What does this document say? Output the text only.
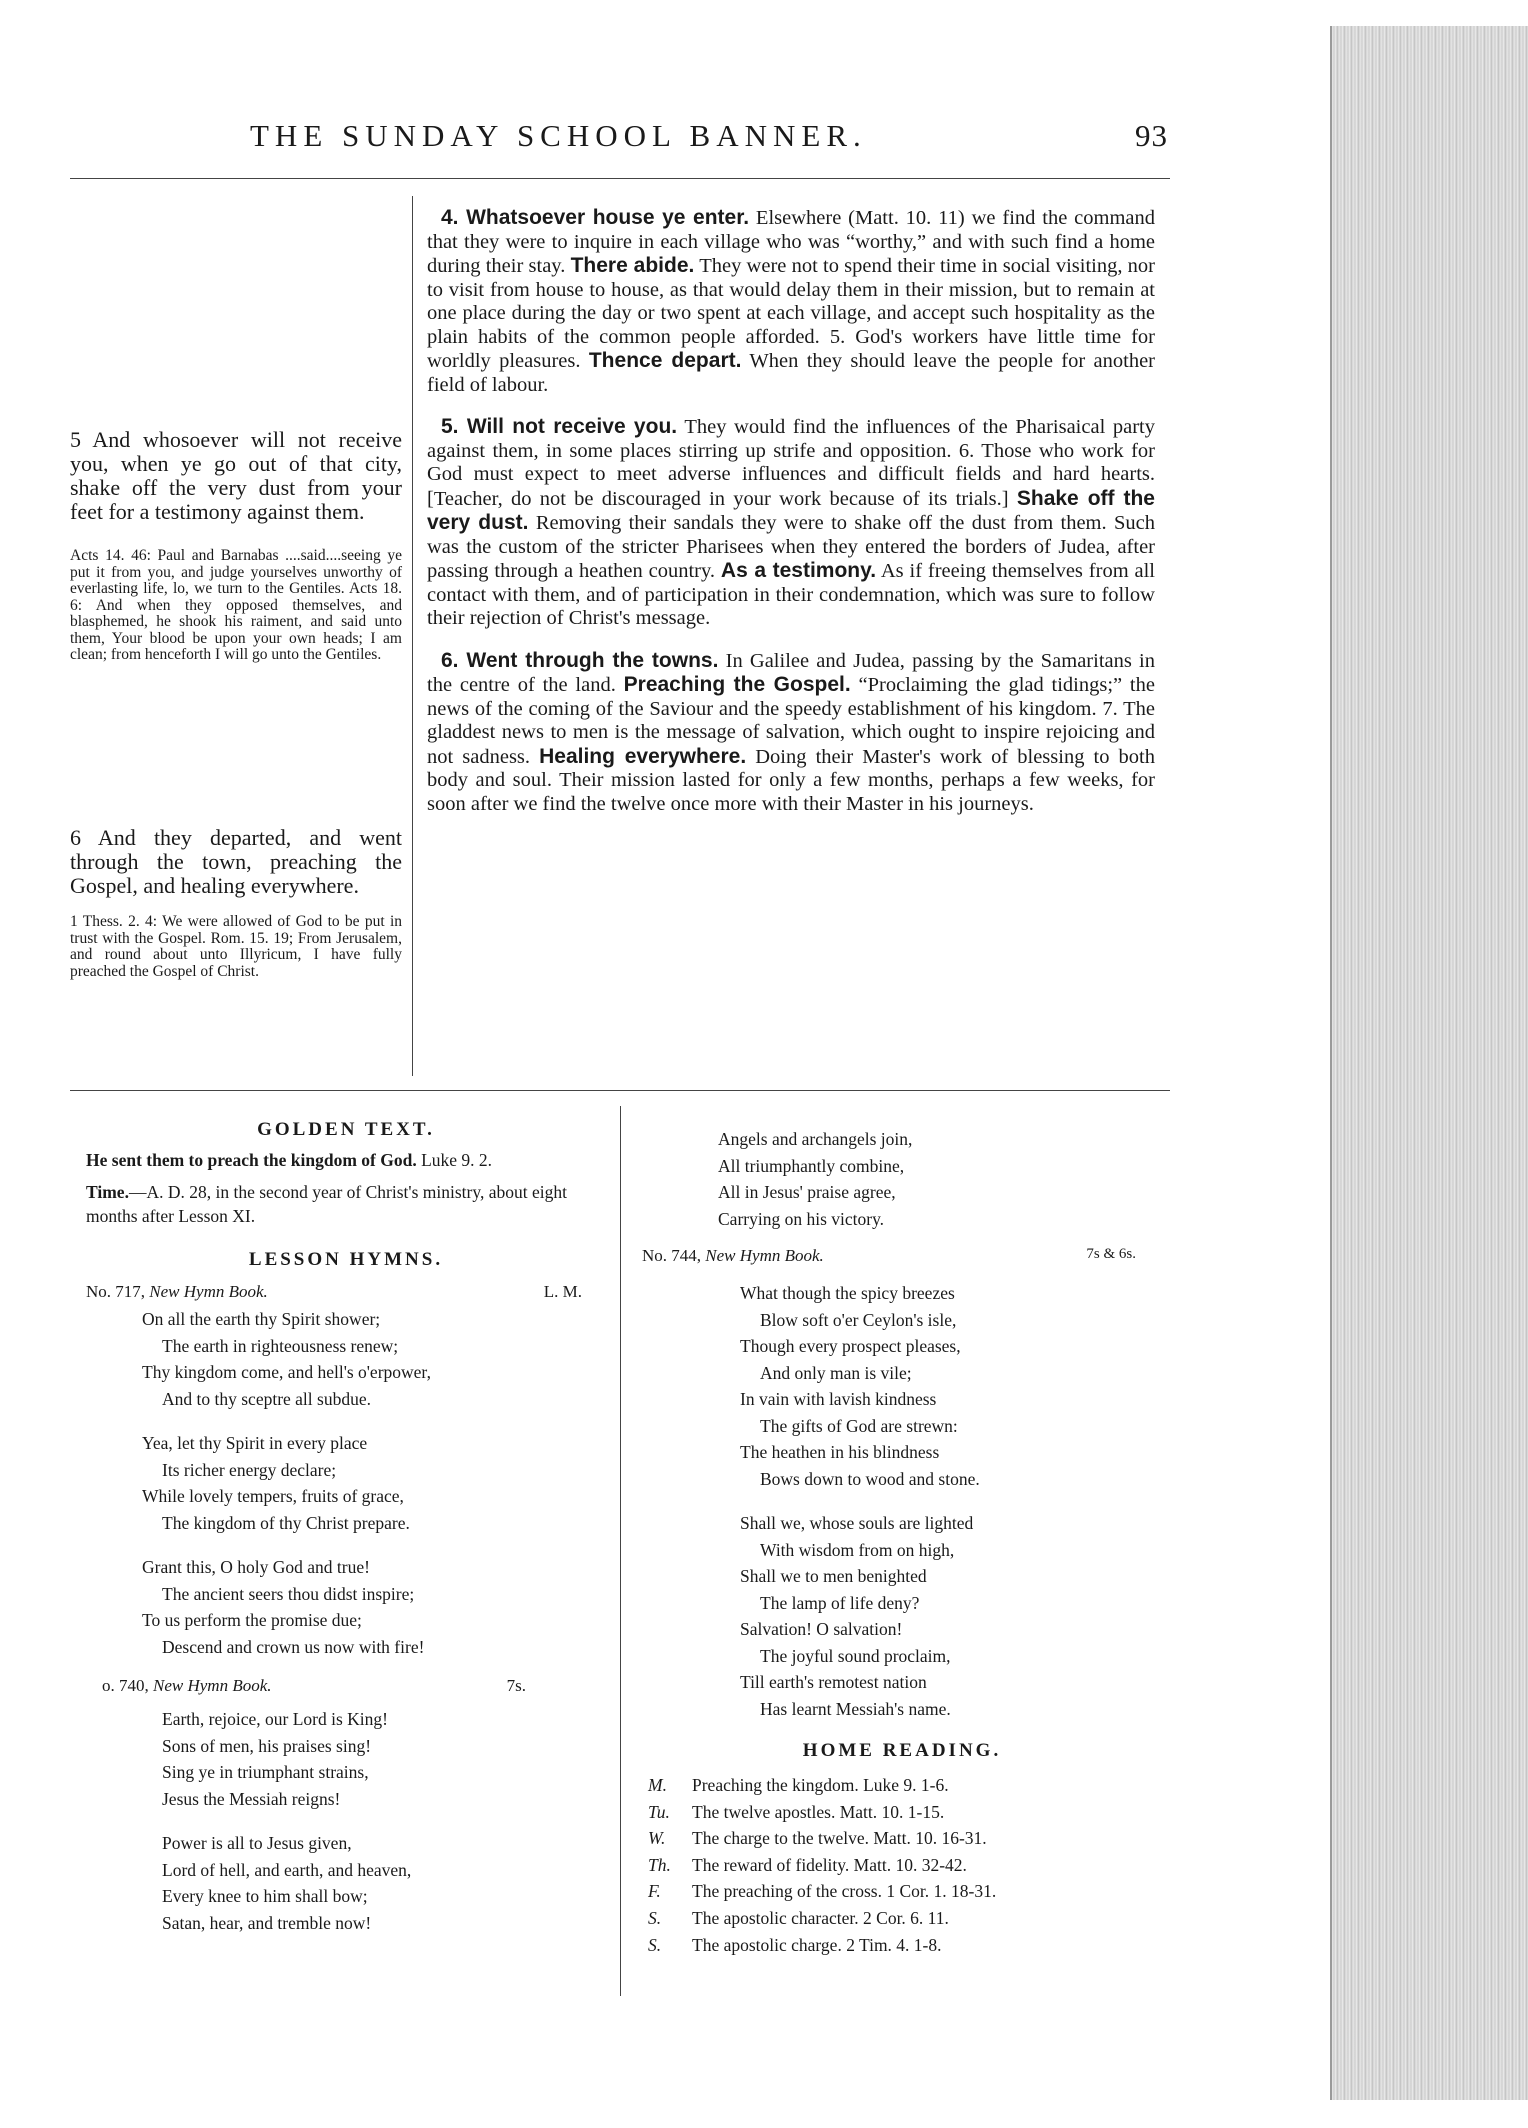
THE SUNDAY SCHOOL BANNER.	93
5 And whosoever will not receive you, when ye go out of that city, shake off the very dust from your feet for a testimony against them.
Acts 14. 46: Paul and Barnabas ....said....seeing ye put it from you, and judge yourselves unworthy of everlasting life, lo, we turn to the Gentiles. Acts 18. 6: And when they opposed themselves, and blasphemed, he shook his raiment, and said unto them, Your blood be upon your own heads; I am clean; from henceforth I will go unto the Gentiles.
6 And they departed, and went through the town, preaching the Gospel, and healing everywhere.
1 Thess. 2. 4: We were allowed of God to be put in trust with the Gospel. Rom. 15. 19; From Jerusalem, and round about unto Illyricum, I have fully preached the Gospel of Christ.

4. Whatsoever house ye enter. Elsewhere (Matt. 10. 11) we find the command that they were to inquire in each village who was “worthy,” and with such find a home during their stay. There abide. They were not to spend their time in social visiting, nor to visit from house to house, as that would delay them in their mission, but to remain at one place during the day or two spent at each village, and accept such hospitality as the plain habits of the common people afforded. 5. God's workers have little time for worldly pleasures. Thence depart. When they should leave the people for another field of labour.

5. Will not receive you. They would find the influences of the Pharisaical party against them, in some places stirring up strife and opposition. 6. Those who work for God must expect to meet adverse influences and difficult fields and hard hearts. [Teacher, do not be discouraged in your work because of its trials.] Shake off the very dust. Removing their sandals they were to shake off the dust from them. Such was the custom of the stricter Pharisees when they entered the borders of Judea, after passing through a heathen country. As a testimony. As if freeing themselves from all contact with them, and of participation in their condemnation, which was sure to follow their rejection of Christ's message.

6. Went through the towns. In Galilee and Judea, passing by the Samaritans in the centre of the land. Preaching the Gospel. “Proclaiming the glad tidings;” the news of the coming of the Saviour and the speedy establishment of his kingdom. 7. The gladdest news to men is the message of salvation, which ought to inspire rejoicing and not sadness. Healing everywhere. Doing their Master's work of blessing to both body and soul. Their mission lasted for only a few months, perhaps a few weeks, for soon after we find the twelve once more with their Master in his journeys.

GOLDEN TEXT.
He sent them to preach the kingdom of God. Luke 9. 2.
Time.—A. D. 28, in the second year of Christ's ministry, about eight months after Lesson XI.
LESSON HYMNS.
No. 717, New Hymn Book.	L. M.
On all the earth thy Spirit shower;
The earth in righteousness renew;
Thy kingdom come, and hell's o'erpower,
And to thy sceptre all subdue.
Yea, let thy Spirit in every place
Its richer energy declare;
While lovely tempers, fruits of grace,
The kingdom of thy Christ prepare.
Grant this, O holy God and true!
The ancient seers thou didst inspire;
To us perform the promise due;
Descend and crown us now with fire!
o. 740, New Hymn Book.	7s.
Earth, rejoice, our Lord is King!
Sons of men, his praises sing!
Sing ye in triumphant strains,
Jesus the Messiah reigns!
Power is all to Jesus given,
Lord of hell, and earth, and heaven,
Every knee to him shall bow;
Satan, hear, and tremble now!
Angels and archangels join,
All triumphantly combine,
All in Jesus' praise agree,
Carrying on his victory.
No. 744, New Hymn Book.	7s & 6s.
What though the spicy breezes
Blow soft o'er Ceylon's isle,
Though every prospect pleases,
And only man is vile;
In vain with lavish kindness
The gifts of God are strewn:
The heathen in his blindness
Bows down to wood and stone.
Shall we, whose souls are lighted
With wisdom from on high,
Shall we to men benighted
The lamp of life deny?
Salvation! O salvation!
The joyful sound proclaim,
Till earth's remotest nation
Has learnt Messiah's name.
HOME READING.
M.	Preaching the kingdom. Luke 9. 1-6.
Tu.	The twelve apostles. Matt. 10. 1-15.
W.	The charge to the twelve. Matt. 10. 16-31.
Th.	The reward of fidelity. Matt. 10. 32-42.
F.	The preaching of the cross. 1 Cor. 1. 18-31.
S.	The apostolic character. 2 Cor. 6. 11.
S.	The apostolic charge. 2 Tim. 4. 1-8.
